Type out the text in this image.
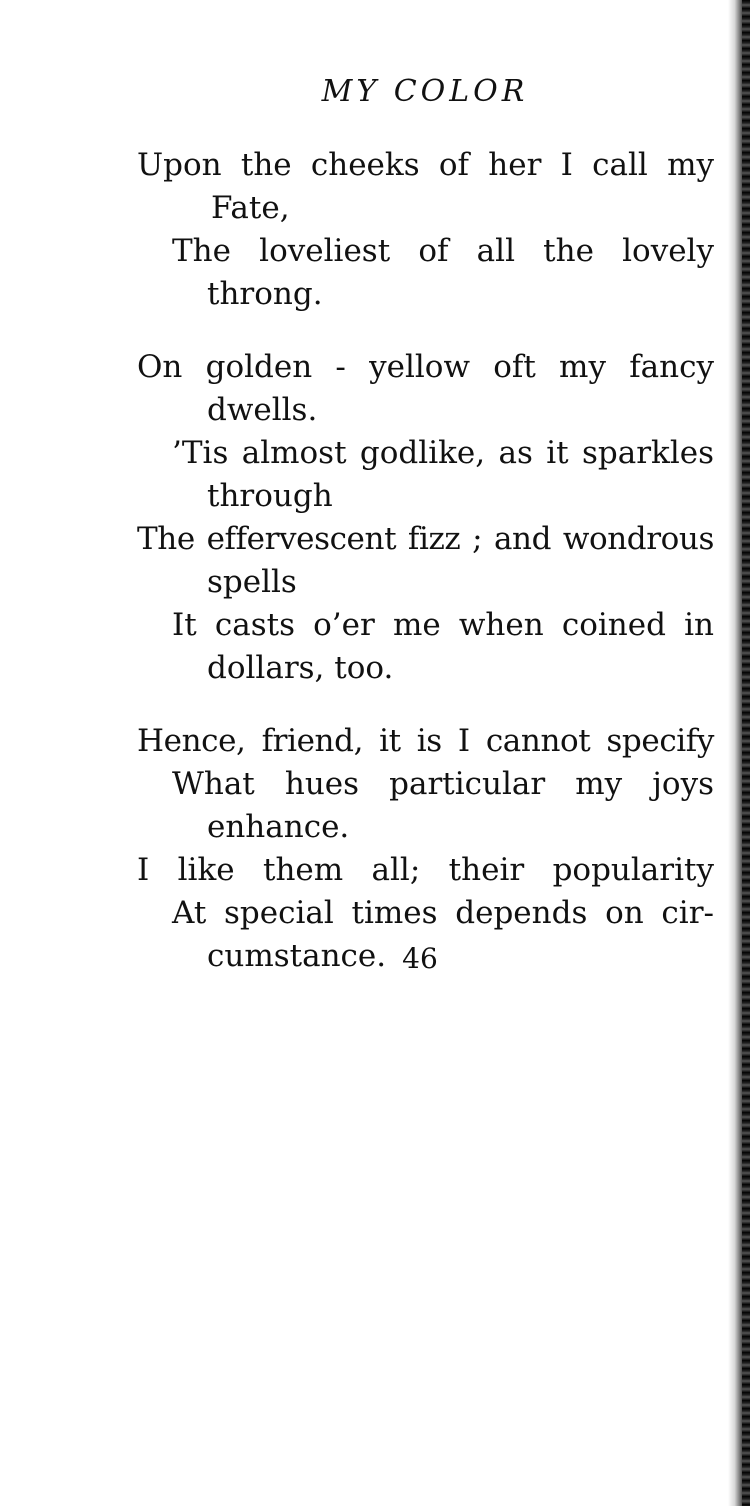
MY COLOR
Upon the cheeks of her I call my
Fate,
The loveliest of all the lovely
throng.
On golden - yellow oft my fancy
dwells.
’Tis almost godlike, as it sparkles
through
The effervescent fizz ; and wondrous
spells
It casts o’er me when coined in
dollars, too.
Hence, friend, it is I cannot specify
What hues particular my joys
enhance.
I like them all; their popularity
At special times depends on cir-
cumstance. 46
